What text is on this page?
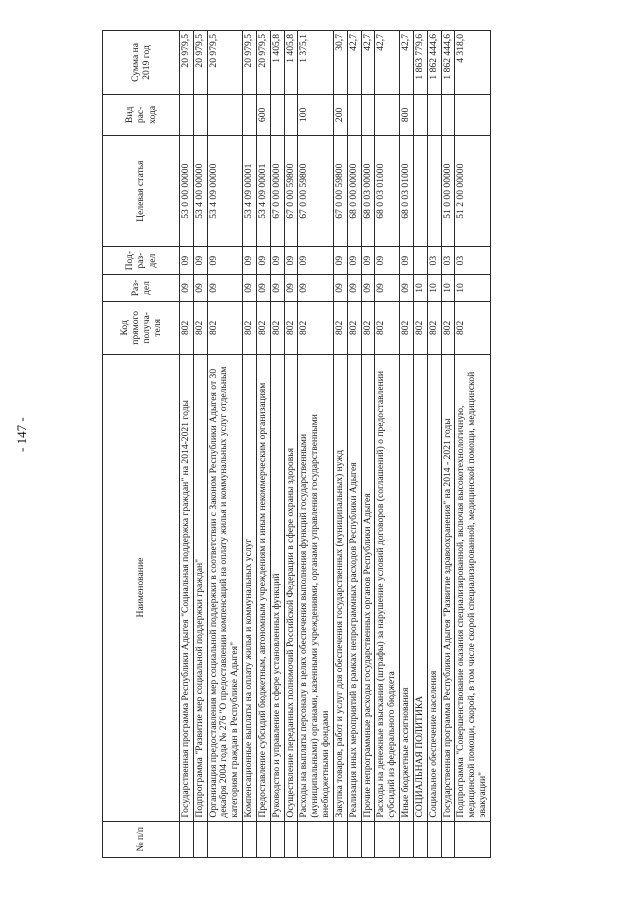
- 147 -
№ п/п	Наименование	Код прямого получа-теля	Раз-дел	Под-раз-дел	Целевая статья	Вид рас-хода	Сумма на 2019 год
	Государственная программа Республики Адыгея "Социальная поддержка граждан" на 2014-2021 годы	802	09	09	53 0 00 00000		20 979,5
	Подпрограмма "Развитие мер социальной поддержки граждан"	802	09	09	53 4 00 00000		20 979,5
	Организация предоставления мер социальной поддержки в соответствии с Законом Республики Адыгея от 30 декабря 2004 года № 276 "О предоставлении компенсаций на оплату жилья и коммунальных услуг отдельным категориям граждан в Республике Адыгея"	802	09	09	53 4 09 00000		20 979,5
	Компенсационные выплаты на оплату жилья и коммунальных услуг	802	09	09	53 4 09 00001		20 979,5
	Предоставление субсидий бюджетным, автономным учреждениям и иным некоммерческим организациям	802	09	09	53 4 09 00001	600	20 979,5
	Руководство и управление в сфере установленных функций	802	09	09	67 0 00 00000		1 405,8
	Осуществление переданных полномочий Российской Федерации в сфере охраны здоровья	802	09	09	67 0 00 59800		1 405,8
	Расходы на выплаты персоналу в целях обеспечения выполнения функций государственными (муниципальными) органами, казенными учреждениями, органами управления государственными внебюджетными фондами	802	09	09	67 0 00 59800	100	1 375,1
	Закупка товаров, работ и услуг для обеспечения государственных (муниципальных) нужд	802	09	09	67 0 00 59800	200	30,7
	Реализация иных мероприятий в рамках непрограммных расходов Республики Адыгея	802	09	09	68 0 00 00000		42,7
	Прочие непрограммные расходы государственных органов Республики Адыгея	802	09	09	68 0 03 00000		42,7
	Расходы на денежные взыскания (штрафы) за нарушение условий договоров (соглашений) о предоставлении субсидий из федерального бюджета	802	09	09	68 0 03 01000		42,7
	Иные бюджетные ассигнования	802	09	09	68 0 03 01000	800	42,7
	СОЦИАЛЬНАЯ ПОЛИТИКА	802	10				1 863 779,6
	Социальное обеспечение населения	802	10	03			1 862 444,6
	Государственная программа Республики Адыгея "Развитие здравоохранения" на 2014 - 2021 годы	802	10	03	51 0 00 00000		1 862 444,6
	Подпрограмма "Совершенствование оказания специализированной, включая высокотехнологичную, медицинской помощи, скорой, в том числе скорой специализированной, медицинской помощи, медицинской эвакуации"	802	10	03	51 2 00 00000		4 318,0
